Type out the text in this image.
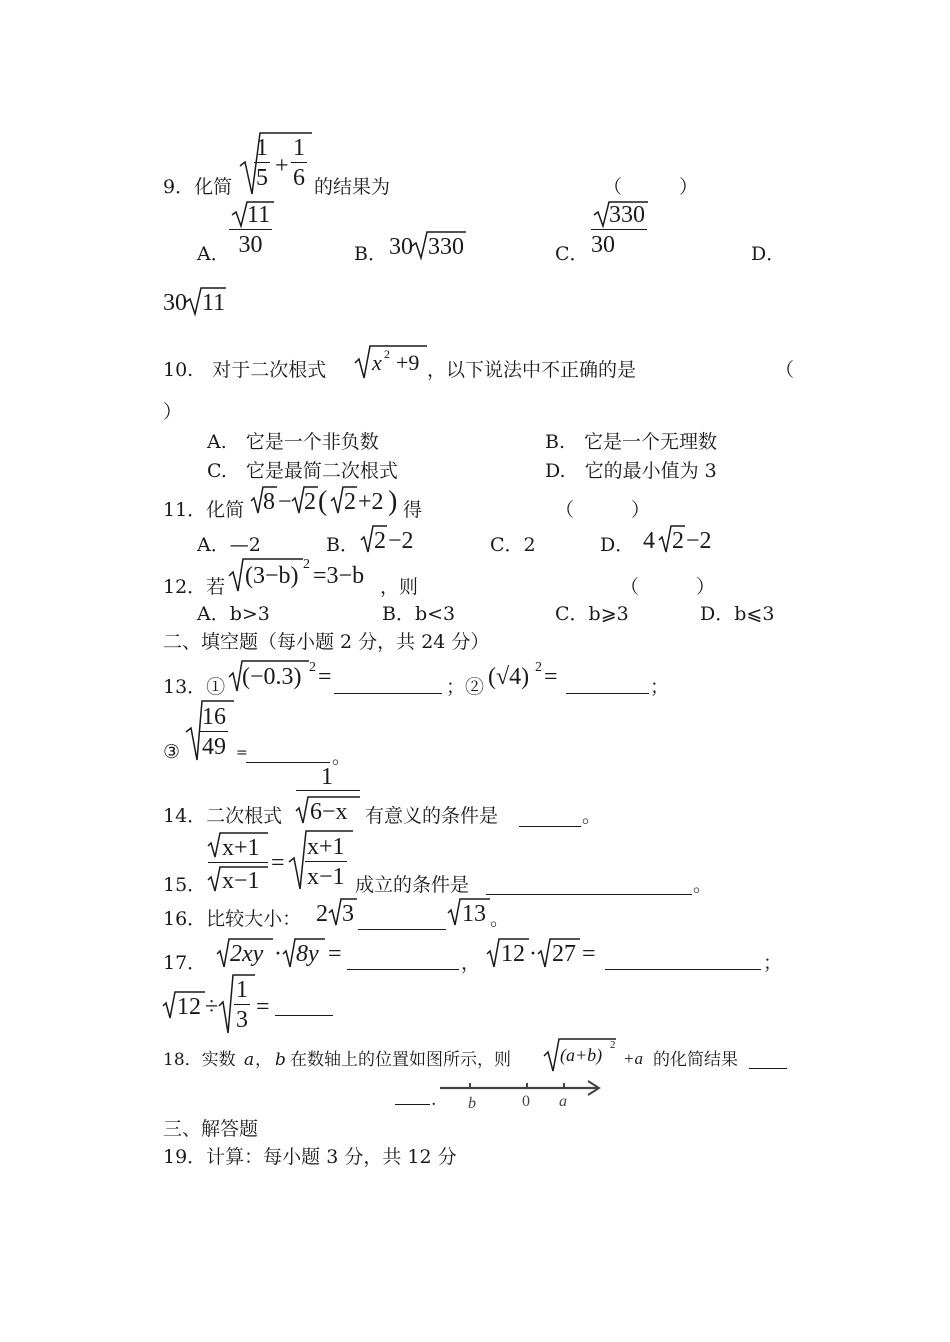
9．化简 $\frac{1}{5} + \frac{1}{6}$ 的结果为	（　　　）
A． $\frac{11}{30}$	B． 30 330	C． $\frac{330}{30}$	D．
30 11
10.　对于二次根式 x 2 +9 ，以下说法中不正确的是	（
）
A.　它是一个非负数	B.　它是一个无理数
C.　它是最简二次根式	D.　它的最小值为 3
11．化简 8 − 2 ( 2 +2 ) 得	（　　　）
A．—2	B． 2 −2	C．2	D． 4 2 −2
12．若 (3−b) 2 =3−b ，则	（　　　）
A．b>3	B．b<3	C．b⩾3	D．b⩽3
二、填空题（每小题 2 分，共 24 分）
13．① (−0.3) 2 =	；② (√4) 2 =	；
③ $\frac{16}{49}$ =	。
14．二次根式
1
6−x 有意义的条件是	。
15．
x+1
x−1
= $\frac{x+1}{x-1}$ 成立的条件是	。
16．比较大小： 2 3	13 。
17． 2xy · 8y =	， 12 · 27 =	；
$12 \div \frac{1}{3}$ =
18．实数 a ， b 在数轴上的位置如图所示，则	(a+b) 2
+a 的化简结果
. b	0 a
三、解答题
19．计算：每小题 3 分，共 12 分
